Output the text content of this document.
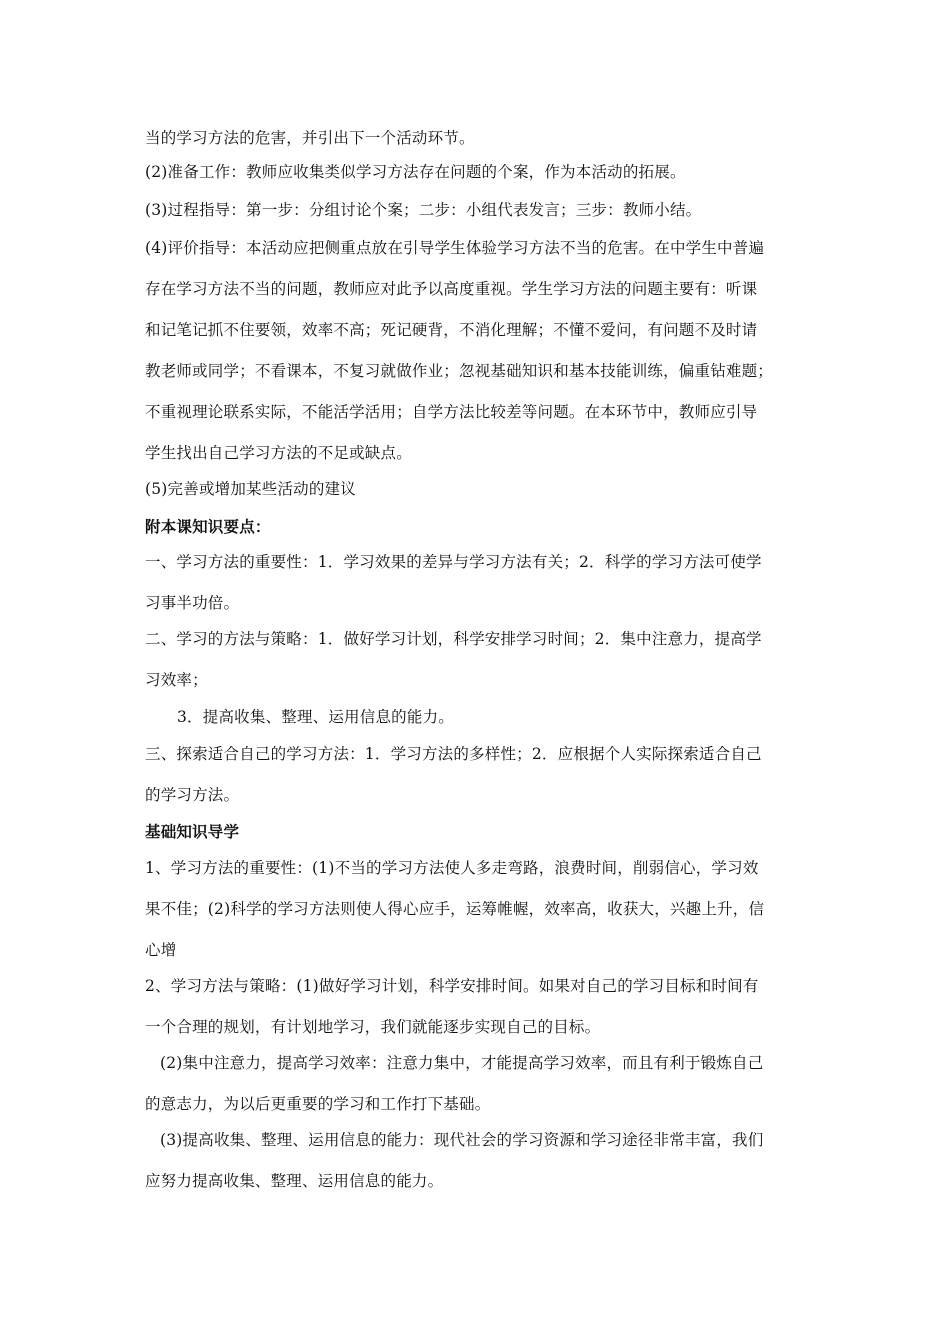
当的学习方法的危害，并引出下一个活动环节。
(2)准备工作：教师应收集类似学习方法存在问题的个案，作为本活动的拓展。
(3)过程指导：第一步：分组讨论个案；二步：小组代表发言；三步：教师小结。
(4)评价指导：本活动应把侧重点放在引导学生体验学习方法不当的危害。在中学生中普遍
存在学习方法不当的问题，教师应对此予以高度重视。学生学习方法的问题主要有：听课
和记笔记抓不住要领，效率不高；死记硬背，不消化理解；不懂不爱问，有问题不及时请
教老师或同学；不看课本，不复习就做作业；忽视基础知识和基本技能训练，偏重钻难题；
不重视理论联系实际，不能活学活用；自学方法比较差等问题。在本环节中，教师应引导
学生找出自己学习方法的不足或缺点。
(5)完善或增加某些活动的建议
附本课知识要点：
一、学习方法的重要性：1．学习效果的差异与学习方法有关；2．科学的学习方法可使学
习事半功倍。
二、学习的方法与策略：1．做好学习计划，科学安排学习时间；2．集中注意力，提高学
习效率；
3．提高收集、整理、运用信息的能力。
三、探索适合自己的学习方法：1．学习方法的多样性；2．应根据个人实际探索适合自己
的学习方法。
基础知识导学
1、学习方法的重要性：(1)不当的学习方法使人多走弯路，浪费时间，削弱信心，学习效
果不佳；(2)科学的学习方法则使人得心应手，运筹帷幄，效率高，收获大，兴趣上升，信
心增
2、学习方法与策略：(1)做好学习计划，科学安排时间。如果对自己的学习目标和时间有
一个合理的规划，有计划地学习，我们就能逐步实现自己的目标。
(2)集中注意力，提高学习效率：注意力集中，才能提高学习效率，而且有利于锻炼自己
的意志力，为以后更重要的学习和工作打下基础。
(3)提高收集、整理、运用信息的能力：现代社会的学习资源和学习途径非常丰富，我们
应努力提高收集、整理、运用信息的能力。
